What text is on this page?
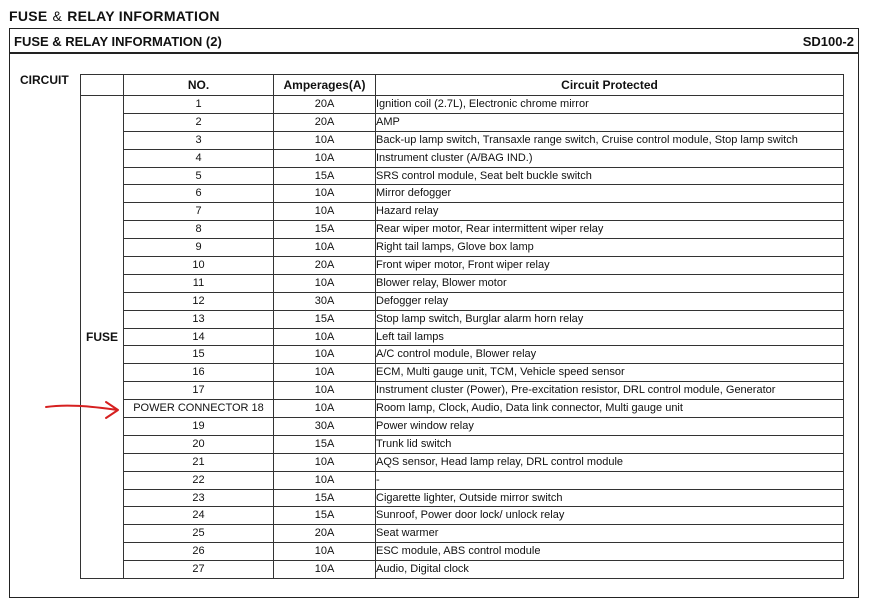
FUSE & RELAY INFORMATION
FUSE & RELAY INFORMATION (2)	SD100-2
CIRCUIT
		NO.	Amperages(A)	Circuit Protected
FUSE	1	20A	Ignition coil (2.7L), Electronic chrome mirror
	2	20A	AMP
	3	10A	Back-up lamp switch, Transaxle range switch, Cruise control module, Stop lamp switch
	4	10A	Instrument cluster (A/BAG IND.)
	5	15A	SRS control module, Seat belt buckle switch
	6	10A	Mirror defogger
	7	10A	Hazard relay
	8	15A	Rear wiper motor, Rear intermittent wiper relay
	9	10A	Right tail lamps, Glove box lamp
	10	20A	Front wiper motor, Front wiper relay
	11	10A	Blower relay, Blower motor
	12	30A	Defogger relay
	13	15A	Stop lamp switch, Burglar alarm horn relay
	14	10A	Left tail lamps
	15	10A	A/C control module, Blower relay
	16	10A	ECM, Multi gauge unit, TCM, Vehicle speed sensor
	17	10A	Instrument cluster (Power), Pre-excitation resistor, DRL control module, Generator
	POWER CONNECTOR 18	10A	Room lamp, Clock, Audio, Data link connector, Multi gauge unit
	19	30A	Power window relay
	20	15A	Trunk lid switch
	21	10A	AQS sensor, Head lamp relay, DRL control module
	22	10A	-
	23	15A	Cigarette lighter, Outside mirror switch
	24	15A	Sunroof, Power door lock/ unlock relay
	25	20A	Seat warmer
	26	10A	ESC module, ABS control module
	27	10A	Audio, Digital clock
